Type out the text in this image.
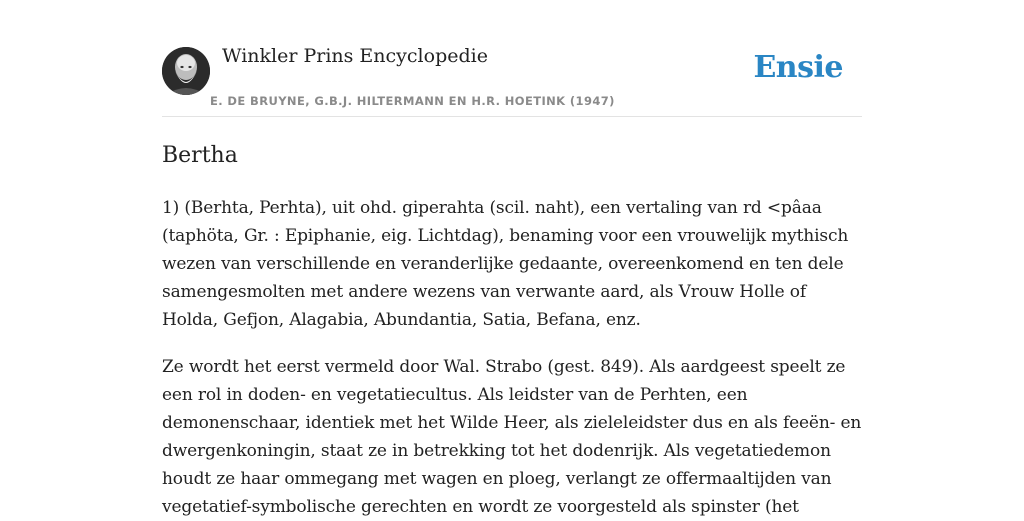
Winkler Prins Encyclopedie
E. DE BRUYNE, G.B.J. HILTERMANN EN H.R. HOETINK (1947)
Ensie
Bertha

1) (Berhta, Perhta), uit ohd. giperahta (scil. naht), een vertaling van rd <pâaa (taphöta, Gr. : Epiphanie, eig. Lichtdag), benaming voor een vrouwelijk mythisch wezen van verschillende en veranderlijke gedaante, overeenkomend en ten dele samengesmolten met andere wezens van verwante aard, als Vrouw Holle of Holda, Gefjon, Alagabia, Abundantia, Satia, Befana, enz.

Ze wordt het eerst vermeld door Wal. Strabo (gest. 849). Als aardgeest speelt ze een rol in doden- en vegetatiecultus. Als leidster van de Perhten, een demonenschaar, identiek met het Wilde Heer, als zieleleidster dus en als feeën- en dwergenkoningin, staat ze in betrekking tot het dodenrijk. Als vegetatiedemon houdt ze haar ommegang met wagen en ploeg, verlangt ze offermaaltijden van vegetatief-symbolische gerechten en wordt ze voorgesteld als spinster (het
